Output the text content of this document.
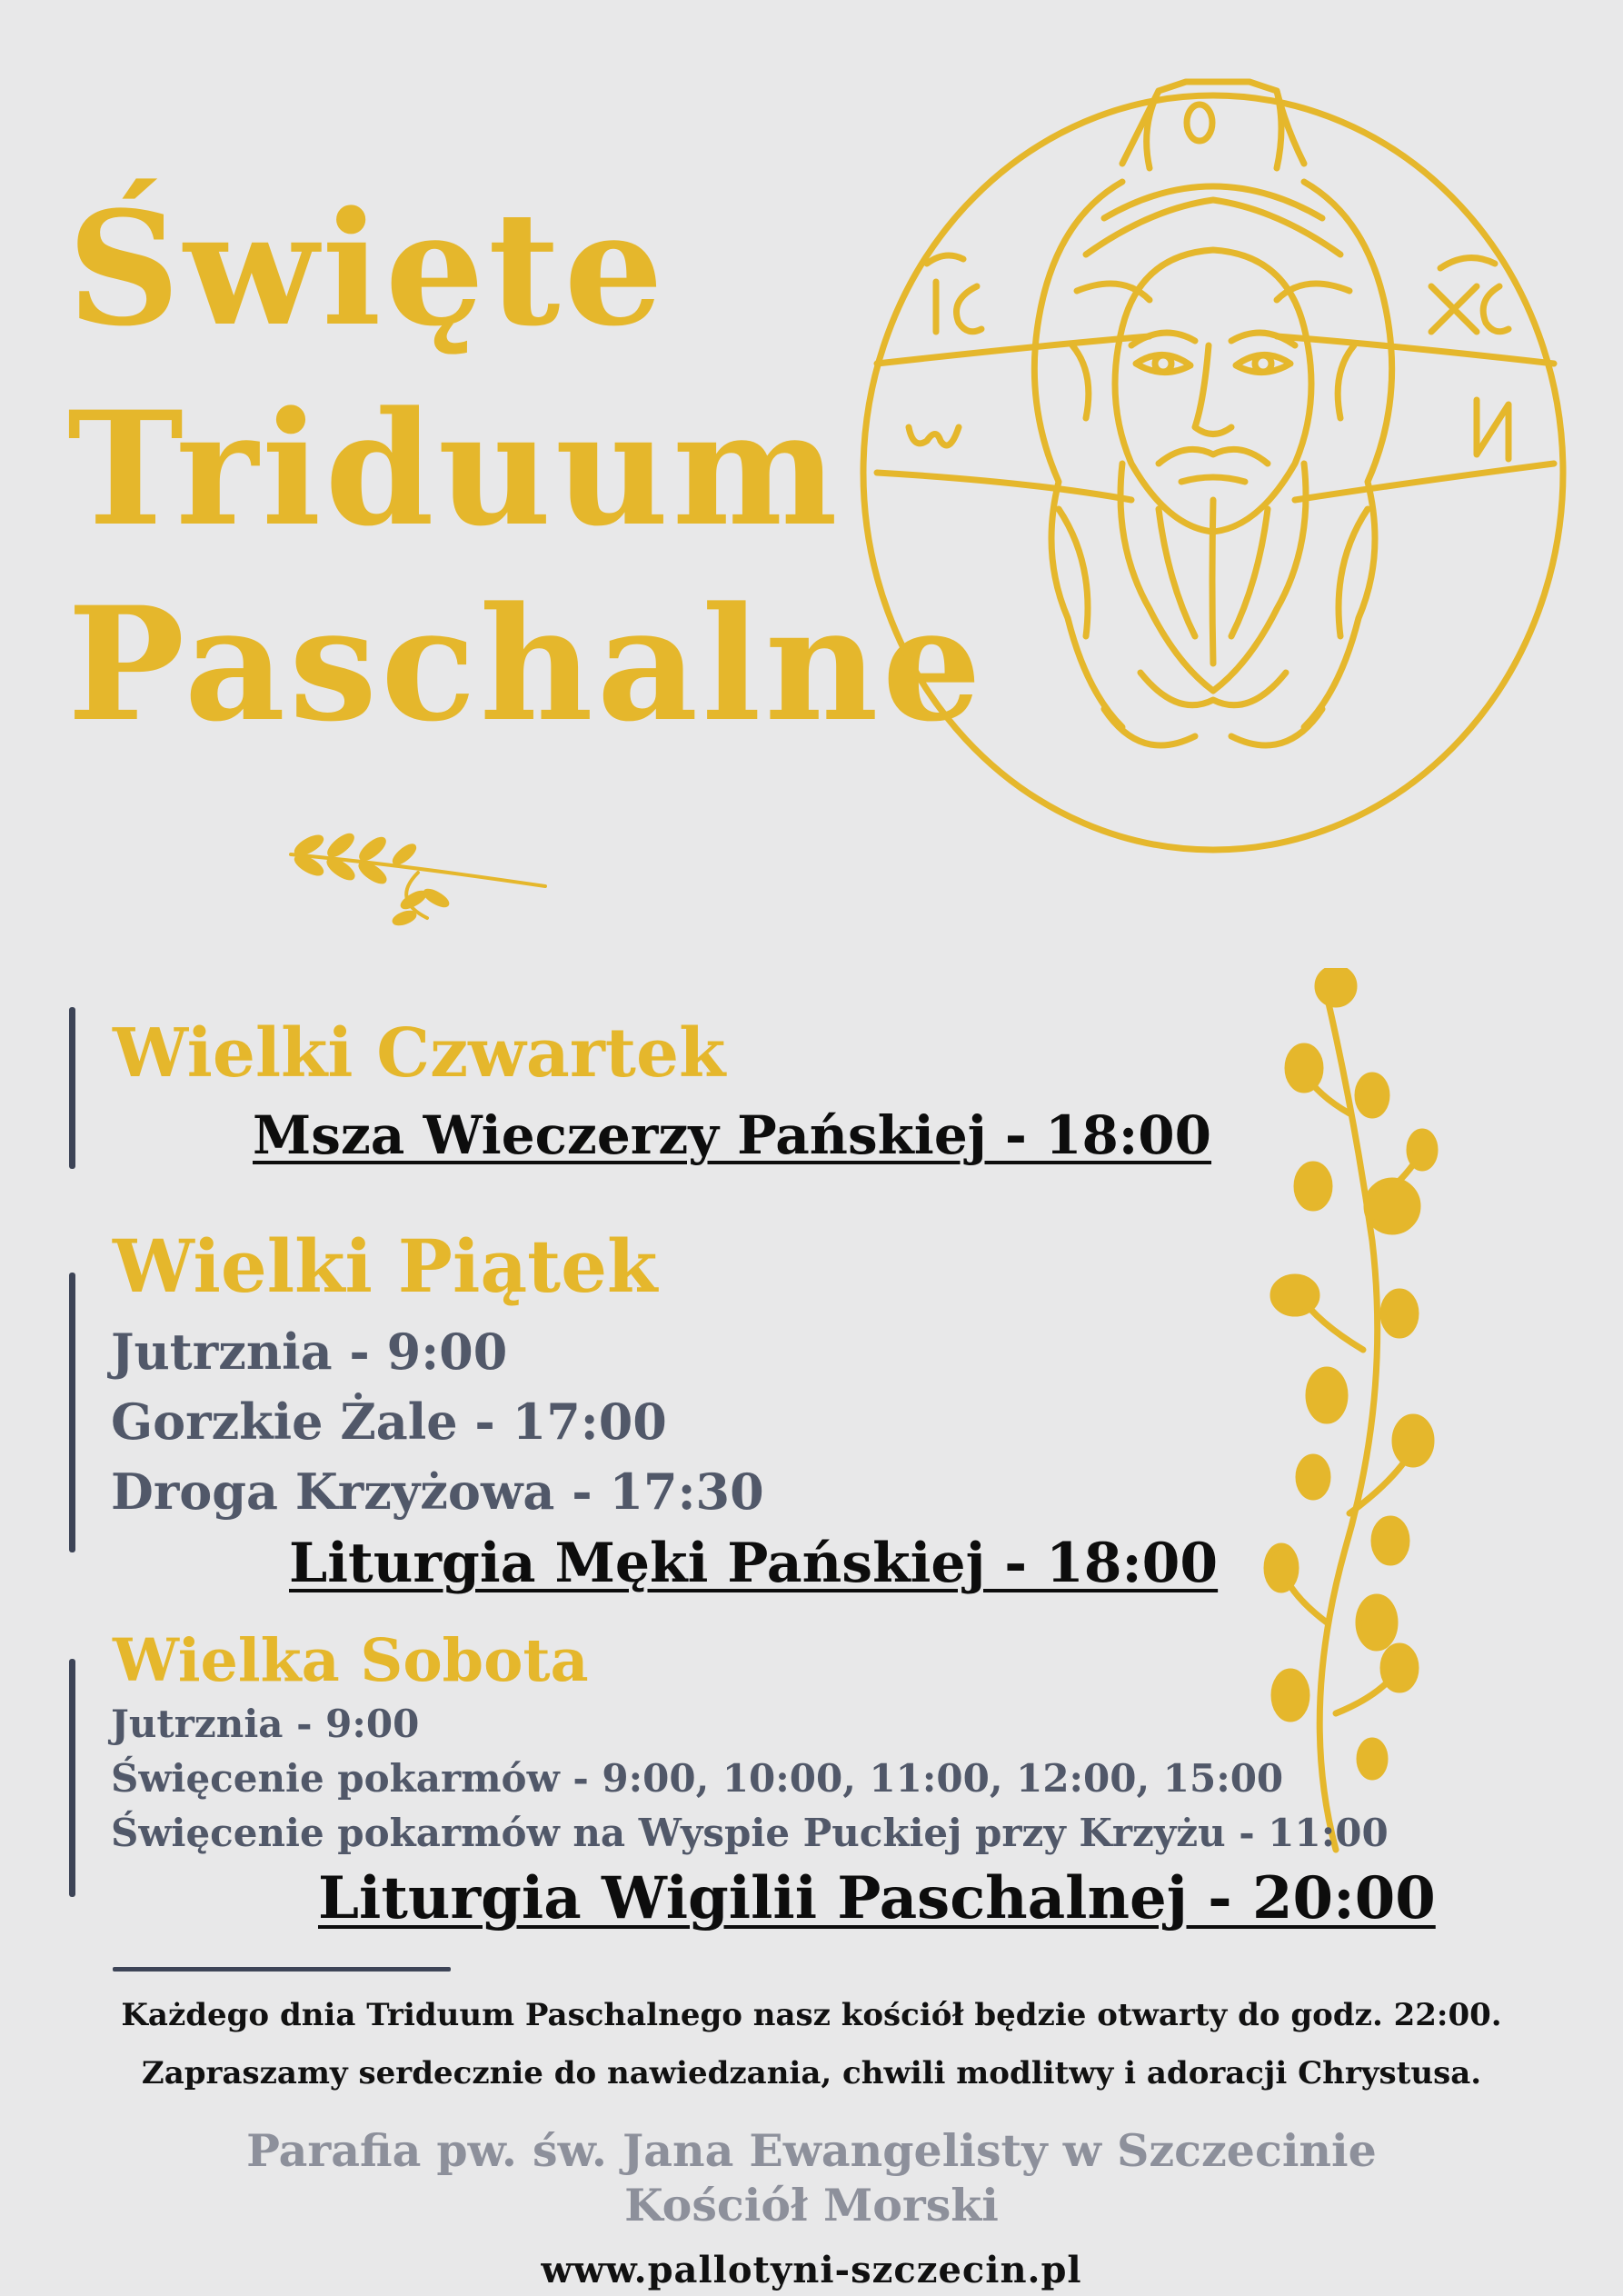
Święte
Triduum
Paschalne
Wielki Czwartek
Msza Wieczerzy Pańskiej - 18:00
Wielki Piątek
Jutrznia - 9:00
Gorzkie Żale - 17:00
Droga Krzyżowa - 17:30
Liturgia Męki Pańskiej - 18:00
Wielka Sobota
Jutrznia - 9:00
Święcenie pokarmów - 9:00, 10:00, 11:00, 12:00, 15:00
Święcenie pokarmów na Wyspie Puckiej przy Krzyżu - 11:00
Liturgia Wigilii Paschalnej - 20:00
Każdego dnia Triduum Paschalnego nasz kościół będzie otwarty do godz. 22:00.
Zapraszamy serdecznie do nawiedzania, chwili modlitwy i adoracji Chrystusa.
Parafia pw. św. Jana Ewangelisty w Szczecinie
Kościół Morski
www.pallotyni-szczecin.pl
